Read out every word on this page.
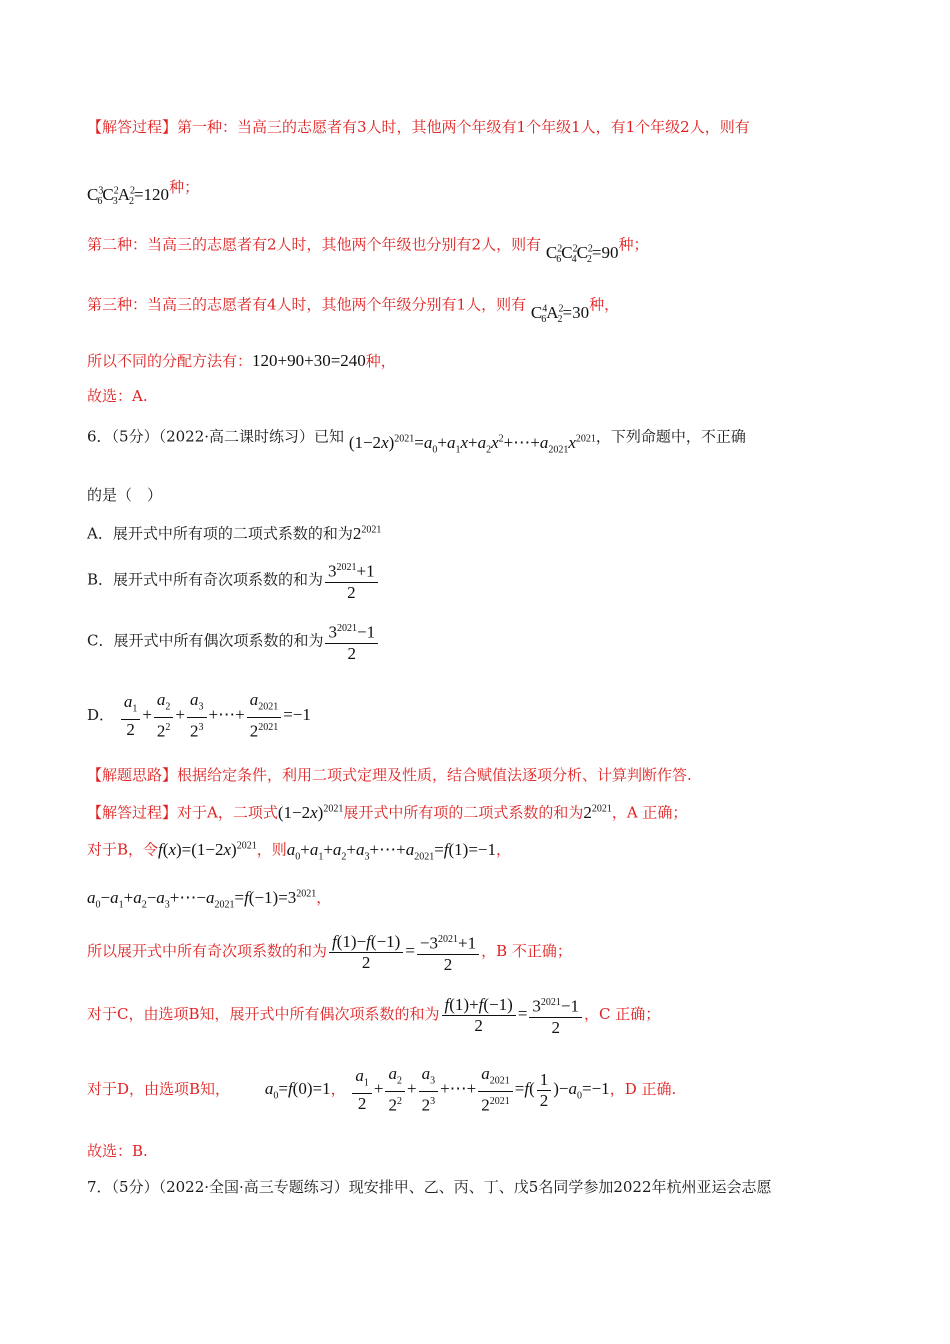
【解答过程】第一种：当高三的志愿者有3人时，其他两个年级有1个年级1人，有1个年级2人，则有
$C^3_6C^2_3A^2_2=120$种；
第二种：当高三的志愿者有2人时，其他两个年级也分别有2人，则有 $C^2_6C^2_4C^2_2=90$种；
第三种：当高三的志愿者有4人时，其他两个年级分别有1人，则有 $C^4_6A^2_2=30$种，
所以不同的分配方法有：120+90+30=240种，
故选：A.
6．（5分）（2022·高二课时练习）已知 $(1-2x)^{2021}=a_0+a_1x+a_2x^2+\cdots+a_{2021}x^{2021}$，下列命题中，不正确
的是（　）
A．展开式中所有项的二项式系数的和为$2^{2021}$
B．展开式中所有奇次项系数的和为 $\frac{3^{2021}+1}{2}$
C．展开式中所有偶次项系数的和为 $\frac{3^{2021}-1}{2}$
D． $\frac{a_1}{2} + \frac{a_2}{2^2} + \frac{a_3}{2^3}$ +⋯+ $\frac{a_{2021}}{2^{2021}} =-1$
【解题思路】根据给定条件，利用二项式定理及性质，结合赋值法逐项分析、计算判断作答.
【解答过程】对于A，二项式$(1-2x)^{2021}$展开式中所有项的二项式系数的和为$2^{2021}$，A 正确；
对于B，令$f(x)=(1-2x)^{2021}$，则$a_0+a_1+a_2+a_3+\cdots+a_{2021}=f(1)=-1$，
$a_0-a_1+a_2-a_3+\cdots-a_{2021}=f(-1)=3^{2021}$，
所以展开式中所有奇次项系数的和为 $\frac{f(1)-f(-1)}{2} = \frac{-3^{2021}+1}{2}$ ，B 不正确；
对于C，由选项B知，展开式中所有偶次项系数的和为 $\frac{f(1)+f(-1)}{2} = \frac{3^{2021}-1}{2}$ ，C 正确；
对于D，由选项B知， $a_0=f(0)=1$， $\frac{a_1}{2} + \frac{a_2}{2^2} + \frac{a_3}{2^3}$ +⋯+ $\frac{a_{2021}}{2^{2021}} =f( \frac{1}{2} )-a_0=-1$，D 正确.
故选：B.
7．（5分）（2022·全国·高三专题练习）现安排甲、乙、丙、丁、戊5名同学参加2022年杭州亚运会志愿
